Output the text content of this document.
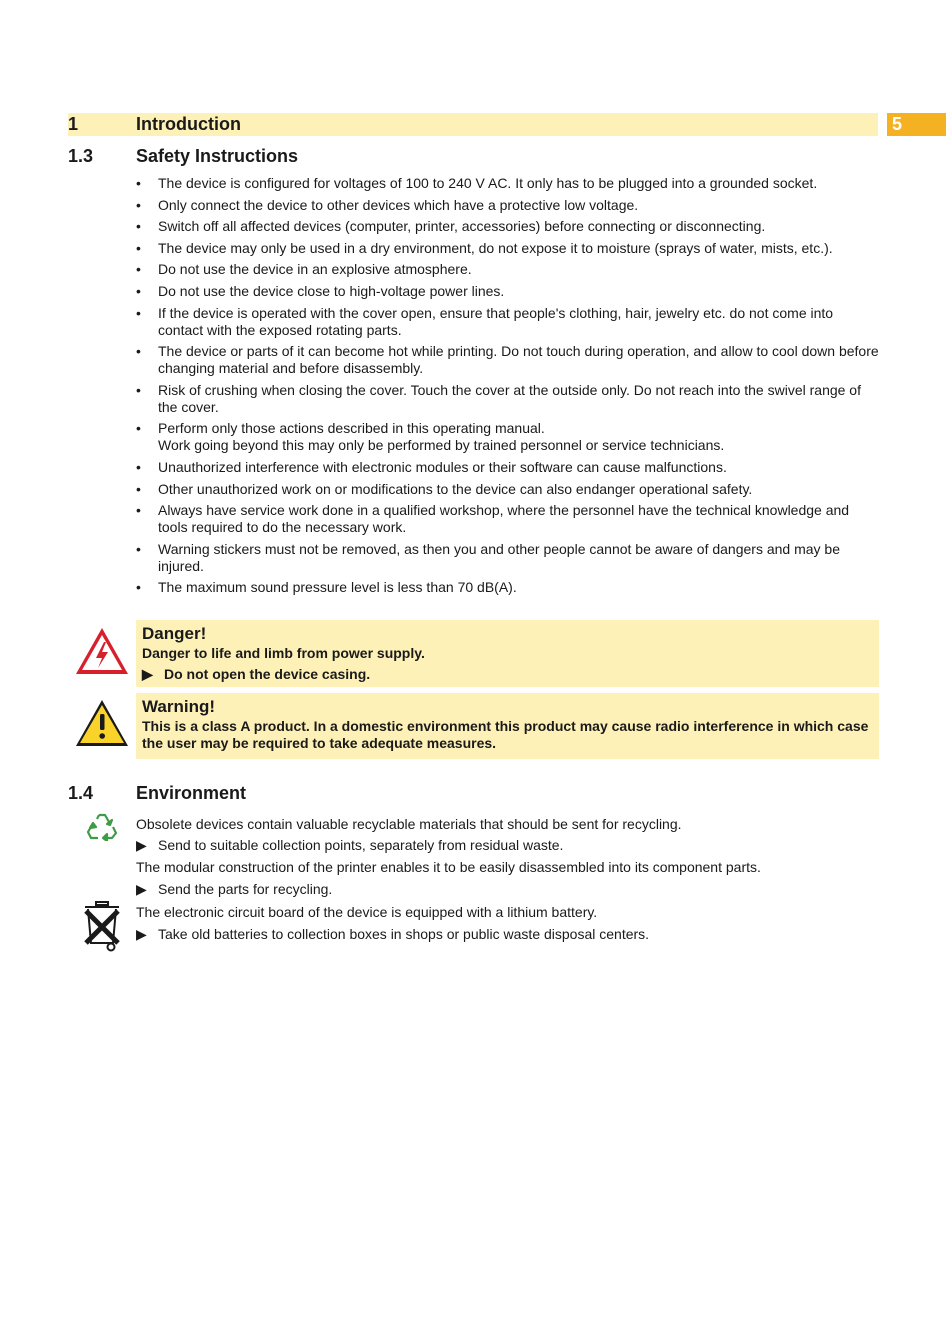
1	Introduction	5
1.3 Safety Instructions
• The device is configured for voltages of 100 to 240 V AC. It only has to be plugged into a grounded socket.
• Only connect the device to other devices which have a protective low voltage.
• Switch off all affected devices (computer, printer, accessories) before connecting or disconnecting.
• The device may only be used in a dry environment, do not expose it to moisture (sprays of water, mists, etc.).
• Do not use the device in an explosive atmosphere.
• Do not use the device close to high-voltage power lines.
• If the device is operated with the cover open, ensure that people's clothing, hair, jewelry etc. do not come into contact with the exposed rotating parts.
• The device or parts of it can become hot while printing. Do not touch during operation, and allow to cool down before changing material and before disassembly.
• Risk of crushing when closing the cover. Touch the cover at the outside only. Do not reach into the swivel range of the cover.
• Perform only those actions described in this operating manual.
Work going beyond this may only be performed by trained personnel or service technicians.
• Unauthorized interference with electronic modules or their software can cause malfunctions.
• Other unauthorized work on or modifications to the device can also endanger operational safety.
• Always have service work done in a qualified workshop, where the personnel have the technical knowledge and tools required to do the necessary work.
• Warning stickers must not be removed, as then you and other people cannot be aware of dangers and may be injured.
• The maximum sound pressure level is less than 70 dB(A).
Danger!
Danger to life and limb from power supply.
▶ Do not open the device casing.
Warning!
This is a class A product. In a domestic environment this product may cause radio interference in which case the user may be required to take adequate measures.
1.4 Environment
Obsolete devices contain valuable recyclable materials that should be sent for recycling.
▶ Send to suitable collection points, separately from residual waste.
The modular construction of the printer enables it to be easily disassembled into its component parts.
▶ Send the parts for recycling.
The electronic circuit board of the device is equipped with a lithium battery.
▶ Take old batteries to collection boxes in shops or public waste disposal centers.
